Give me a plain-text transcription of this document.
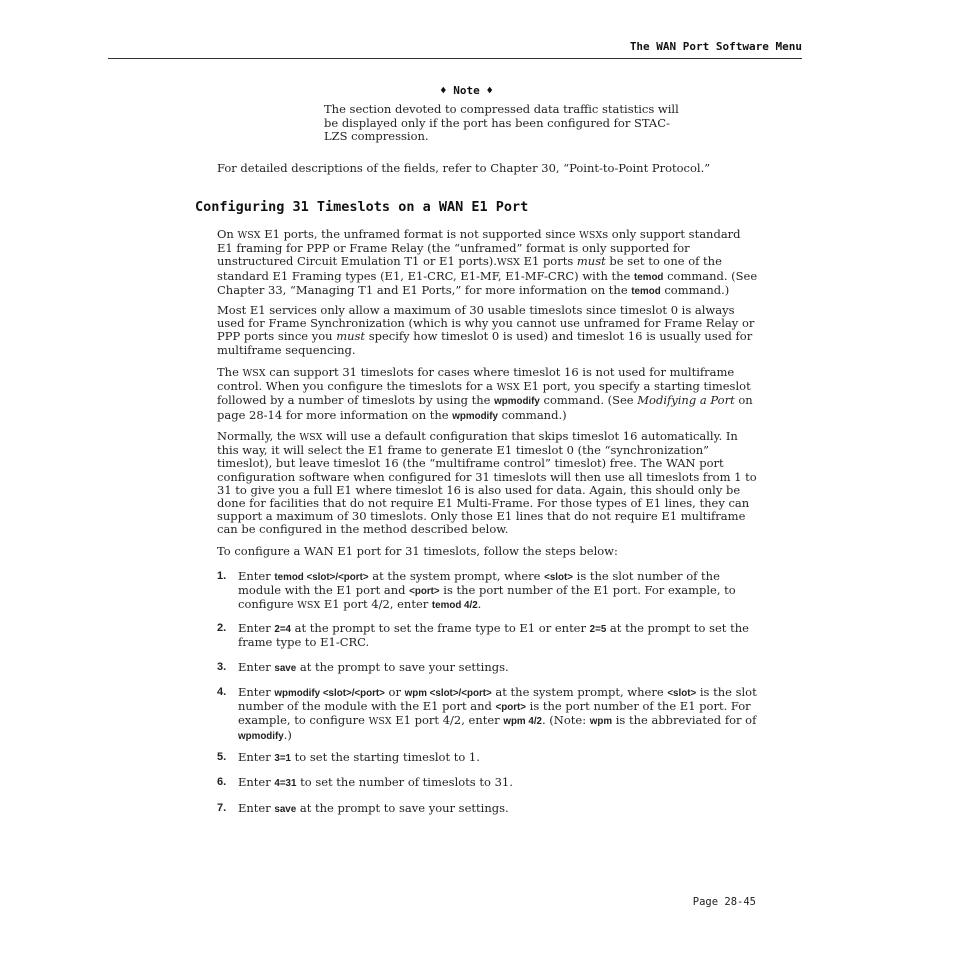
The WAN Port Software Menu
♦ Note ♦
The section devoted to compressed data traffic statistics will be displayed only if the port has been configured for STAC-LZS compression.
For detailed descriptions of the fields, refer to Chapter 30, “Point-to-Point Protocol.”
Configuring 31 Timeslots on a WAN E1 Port
On WSX E1 ports, the unframed format is not supported since WSXs only support standard E1 framing for PPP or Frame Relay (the “unframed” format is only supported for unstructured Circuit Emulation T1 or E1 ports).WSX E1 ports must be set to one of the standard E1 Framing types (E1, E1-CRC, E1-MF, E1-MF-CRC) with the temod command. (See Chapter 33, “Managing T1 and E1 Ports,” for more information on the temod command.)
Most E1 services only allow a maximum of 30 usable timeslots since timeslot 0 is always used for Frame Synchronization (which is why you cannot use unframed for Frame Relay or PPP ports since you must specify how timeslot 0 is used) and timeslot 16 is usually used for multiframe sequencing.
The WSX can support 31 timeslots for cases where timeslot 16 is not used for multiframe control. When you configure the timeslots for a WSX E1 port, you specify a starting timeslot followed by a number of timeslots by using the wpmodify command. (See Modifying a Port on page 28-14 for more information on the wpmodify command.)
Normally, the WSX will use a default configuration that skips timeslot 16 automatically. In this way, it will select the E1 frame to generate E1 timeslot 0 (the “synchronization” timeslot), but leave timeslot 16 (the “multiframe control” timeslot) free. The WAN port configuration software when configured for 31 timeslots will then use all timeslots from 1 to 31 to give you a full E1 where timeslot 16 is also used for data. Again, this should only be done for facilities that do not require E1 Multi-Frame. For those types of E1 lines, they can support a maximum of 30 timeslots. Only those E1 lines that do not require E1 multiframe can be configured in the method described below.
To configure a WAN E1 port for 31 timeslots, follow the steps below:
1. Enter temod <slot>/<port> at the system prompt, where <slot> is the slot number of the module with the E1 port and <port> is the port number of the E1 port. For example, to configure WSX E1 port 4/2, enter temod 4/2.
2. Enter 2=4 at the prompt to set the frame type to E1 or enter 2=5 at the prompt to set the frame type to E1-CRC.
3. Enter save at the prompt to save your settings.
4. Enter wpmodify <slot>/<port> or wpm <slot>/<port> at the system prompt, where <slot> is the slot number of the module with the E1 port and <port> is the port number of the E1 port. For example, to configure WSX E1 port 4/2, enter wpm 4/2. (Note: wpm is the abbreviated for of wpmodify.)
5. Enter 3=1 to set the starting timeslot to 1.
6. Enter 4=31 to set the number of timeslots to 31.
7. Enter save at the prompt to save your settings.
Page 28-45
